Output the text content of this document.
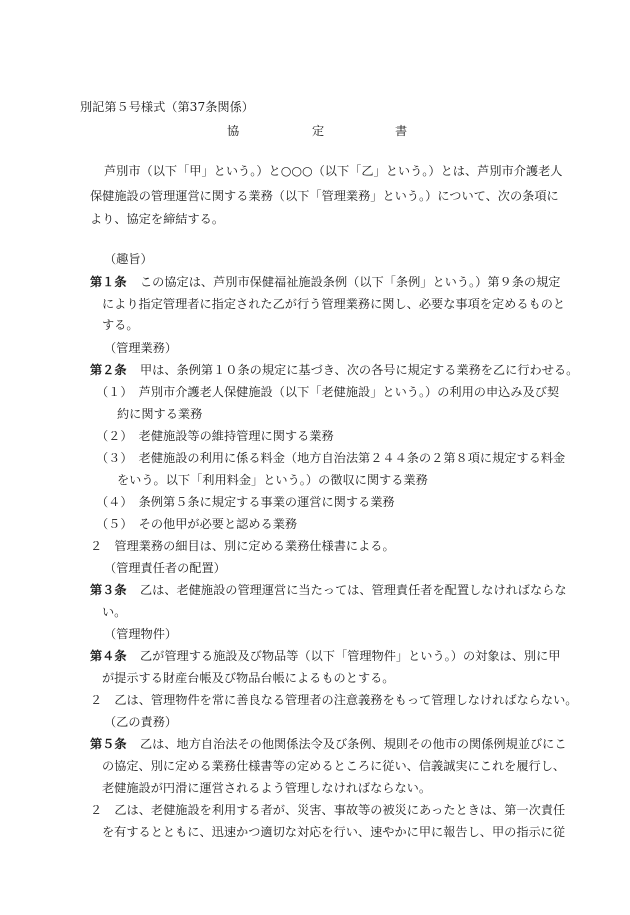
別記第５号様式（第37条関係）
協	定	書
芦別市（以下「甲」という。）と○○○（以下「乙」という。）とは、芦別市介護老人
保健施設の管理運営に関する業務（以下「管理業務」という。）について、次の条項に
より、協定を締結する。
（趣旨）
第１条 この協定は、芦別市保健福祉施設条例（以下「条例」という。）第９条の規定
により指定管理者に指定された乙が行う管理業務に関し、必要な事項を定めるものと
する。
（管理業務）
第２条 甲は、条例第１０条の規定に基づき、次の各号に規定する業務を乙に行わせる。
（１）　芦別市介護老人保健施設（以下「老健施設」という。）の利用の申込み及び契
約に関する業務
（２）　老健施設等の維持管理に関する業務
（３）　老健施設の利用に係る料金（地方自治法第２４４条の２第８項に規定する料金
をいう。以下「利用料金」という。）の徴収に関する業務
（４）　条例第５条に規定する事業の運営に関する業務
（５）　その他甲が必要と認める業務
２　管理業務の細目は、別に定める業務仕様書による。
（管理責任者の配置）
第３条 乙は、老健施設の管理運営に当たっては、管理責任者を配置しなければならな
い。
（管理物件）
第４条 乙が管理する施設及び物品等（以下「管理物件」という。）の対象は、別に甲
が提示する財産台帳及び物品台帳によるものとする。
２　乙は、管理物件を常に善良なる管理者の注意義務をもって管理しなければならない。
（乙の責務）
第５条 乙は、地方自治法その他関係法令及び条例、規則その他市の関係例規並びにこ
の協定、別に定める業務仕様書等の定めるところに従い、信義誠実にこれを履行し、
老健施設が円滑に運営されるよう管理しなければならない。
２　乙は、老健施設を利用する者が、災害、事故等の被災にあったときは、第一次責任
を有するとともに、迅速かつ適切な対応を行い、速やかに甲に報告し、甲の指示に従
